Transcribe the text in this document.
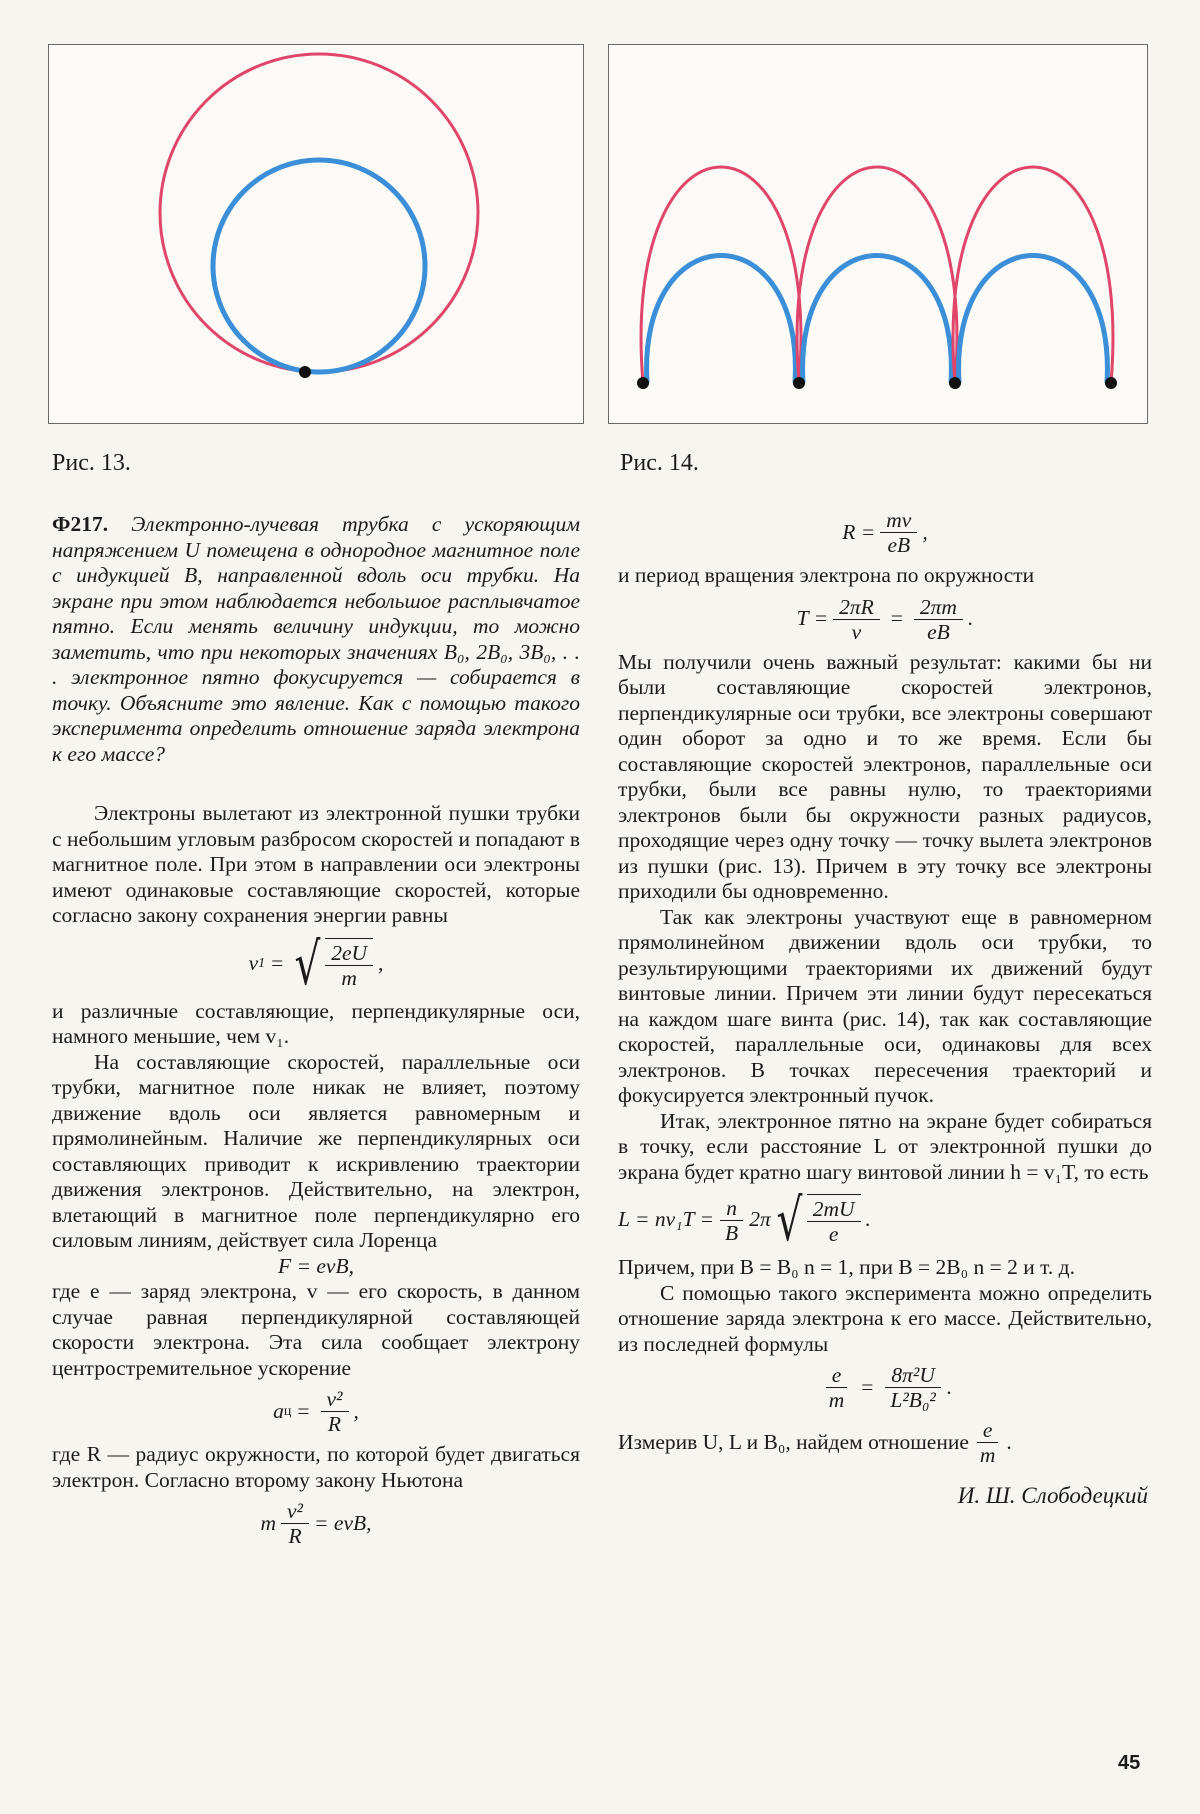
Рис. 13.	Рис. 14.

Ф217. Электронно-лучевая трубка с ускоряющим напряжением U помещена в однородное магнитное поле с индукцией B, направленной вдоль оси трубки. На экране при этом наблюдается небольшое расплывчатое пятно. Если менять величину индукции, то можно заметить, что при некоторых значениях B₀, 2B₀, 3B₀, . . . электронное пятно фокусируется — собирается в точку. Объясните это явление. Как с помощью такого эксперимента определить отношение заряда электрона к его массе?

Электроны вылетают из электронной пушки трубки с небольшим угловым разбросом скоростей и попадают в магнитное поле. При этом в направлении оси электроны имеют одинаковые составляющие скоростей, которые согласно закону сохранения энергии равны

v 1 = √ $\frac{2eU}{m}$ ,

и различные составляющие, перпендикулярные оси, намного меньшие, чем v₁.

На составляющие скоростей, параллельные оси трубки, магнитное поле никак не влияет, поэтому движение вдоль оси является равномерным и прямолинейным. Наличие же перпендикулярных оси составляющих приводит к искривлению траектории движения электронов. Действительно, на электрон, влетающий в магнитное поле перпендикулярно его силовым линиям, действует сила Лоренца

F = evB,

где e — заряд электрона, v — его скорость, в данном случае равная перпендикулярной составляющей скорости электрона. Эта сила сообщает электрону центростремительное ускорение

a $ц = \frac{\text{v²}}{R}$ ,

где R — радиус окружности, по которой будет двигаться электрон. Согласно второму закону Ньютона

m $\frac{\text{v²}}{R}$ = evB,
$R = \frac{mv}{eB}$ ,

и период вращения электрона по окружности

$T = \frac{2\pi R}{v} = \frac{2\pi m}{eB}$ .

Мы получили очень важный результат: какими бы ни были составляющие скоростей электронов, перпендикулярные оси трубки, все электроны совершают один оборот за одно и то же время. Если бы составляющие скоростей электронов, параллельные оси трубки, были все равны нулю, то траекториями электронов были бы окружности разных радиусов, проходящие через одну точку — точку вылета электронов из пушки (рис. 13). Причем в эту точку все электроны приходили бы одновременно.

Так как электроны участвуют еще в равномерном прямолинейном движении вдоль оси трубки, то результирующими траекториями их движений будут винтовые линии. Причем эти линии будут пересекаться на каждом шаге винта (рис. 14), так как составляющие скоростей, параллельные оси, одинаковы для всех электронов. В точках пересечения траекторий и фокусируется электронный пучок.

Итак, электронное пятно на экране будет собираться в точку, если расстояние L от электронной пушки до экрана будет кратно шагу винтовой линии h = v₁T, то есть

$L = nv_1T = \frac{n}{B} 2\pi$ √ $\frac{2mU}{e}$ .

Причем, при B = B₀ n = 1, при B = 2B₀ n = 2 и т. д.

С помощью такого эксперимента можно определить отношение заряда электрона к его массе. Действительно, из последней формулы

$\frac{e}{m} = \frac{\text{8π²U}}{\text{L²B₀²}}$ .
Измерив U, L и B₀, найдем отношение $\frac{e}{m}$ .
И. Ш. Слободецкий
45
